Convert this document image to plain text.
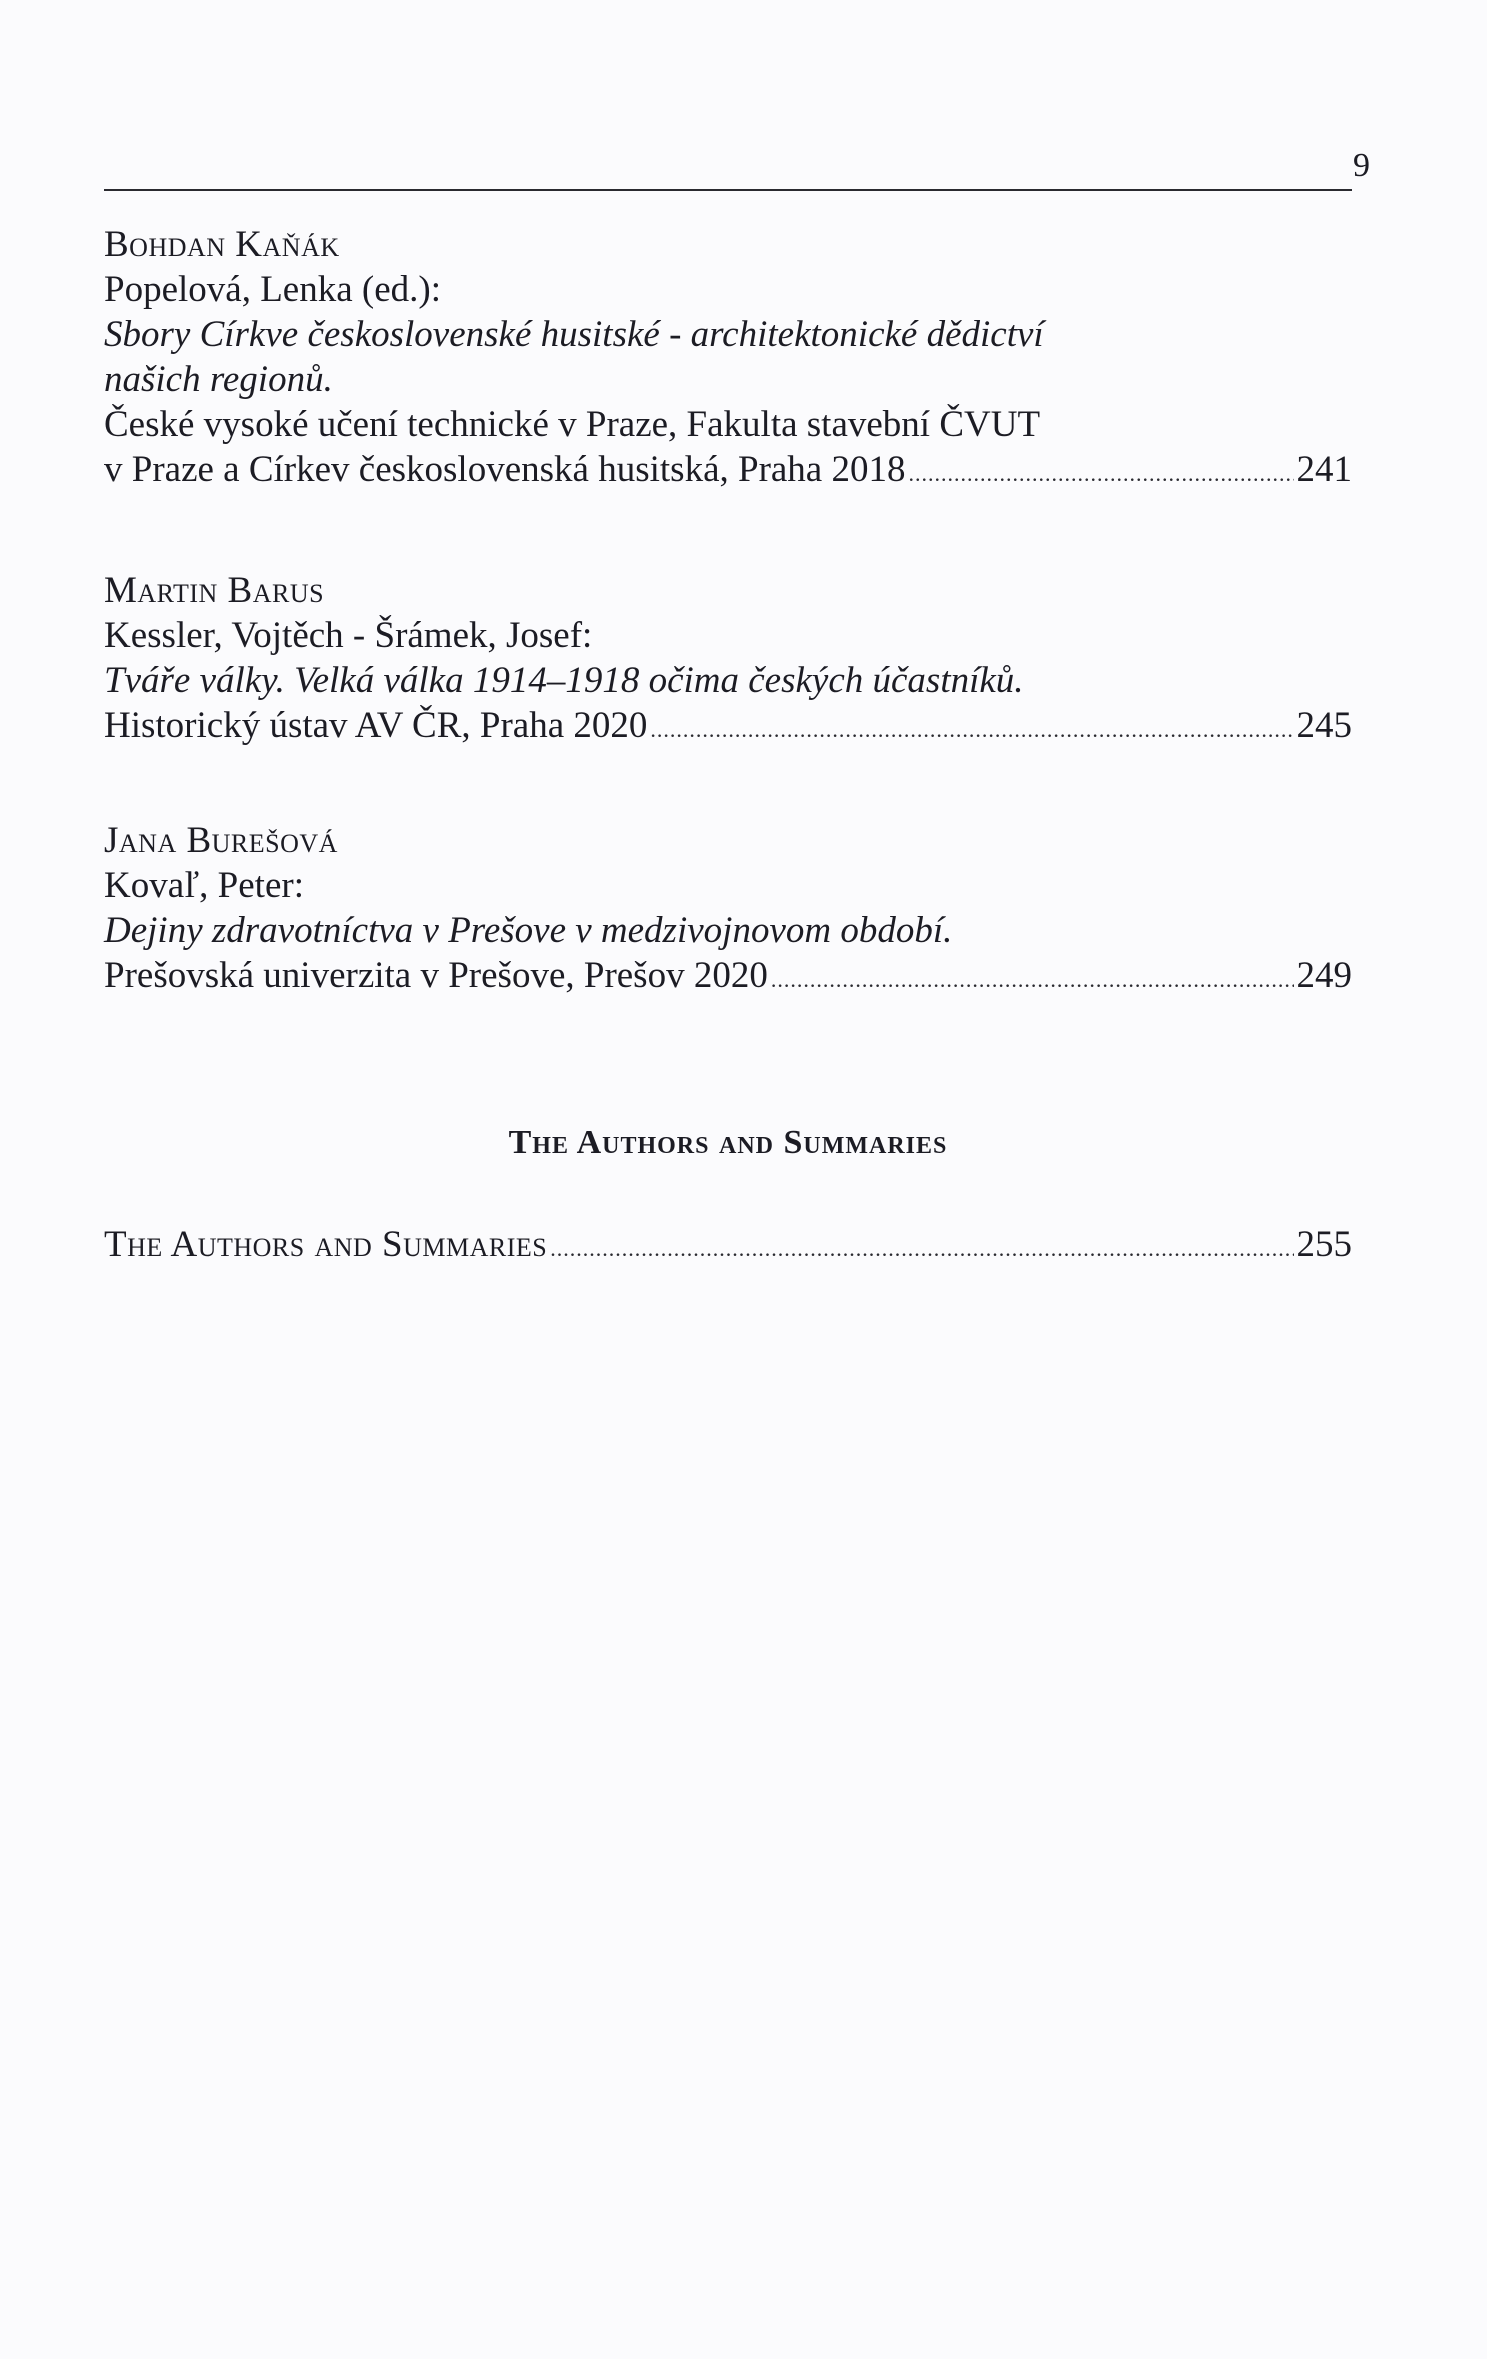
9
Bohdan Kaňák
Popelová, Lenka (ed.):
Sbory Církve československé husitské - architektonické dědictví
našich regionů.
České vysoké učení technické v Praze, Fakulta stavební ČVUT
v Praze a Církev československá husitská, Praha 2018 .....	241
Martin Barus
Kessler, Vojtěch - Šrámek, Josef:
Tváře války. Velká válka 1914–1918 očima českých účastníků.
Historický ústav AV ČR, Praha 2020 .....	245
Jana Burešová
Kovaľ, Peter:
Dejiny zdravotníctva v Prešove v medzivojnovom období.
Prešovská univerzita v Prešove, Prešov 2020 .....	249
The Authors and Summaries
The Authors and Summaries .....	255
